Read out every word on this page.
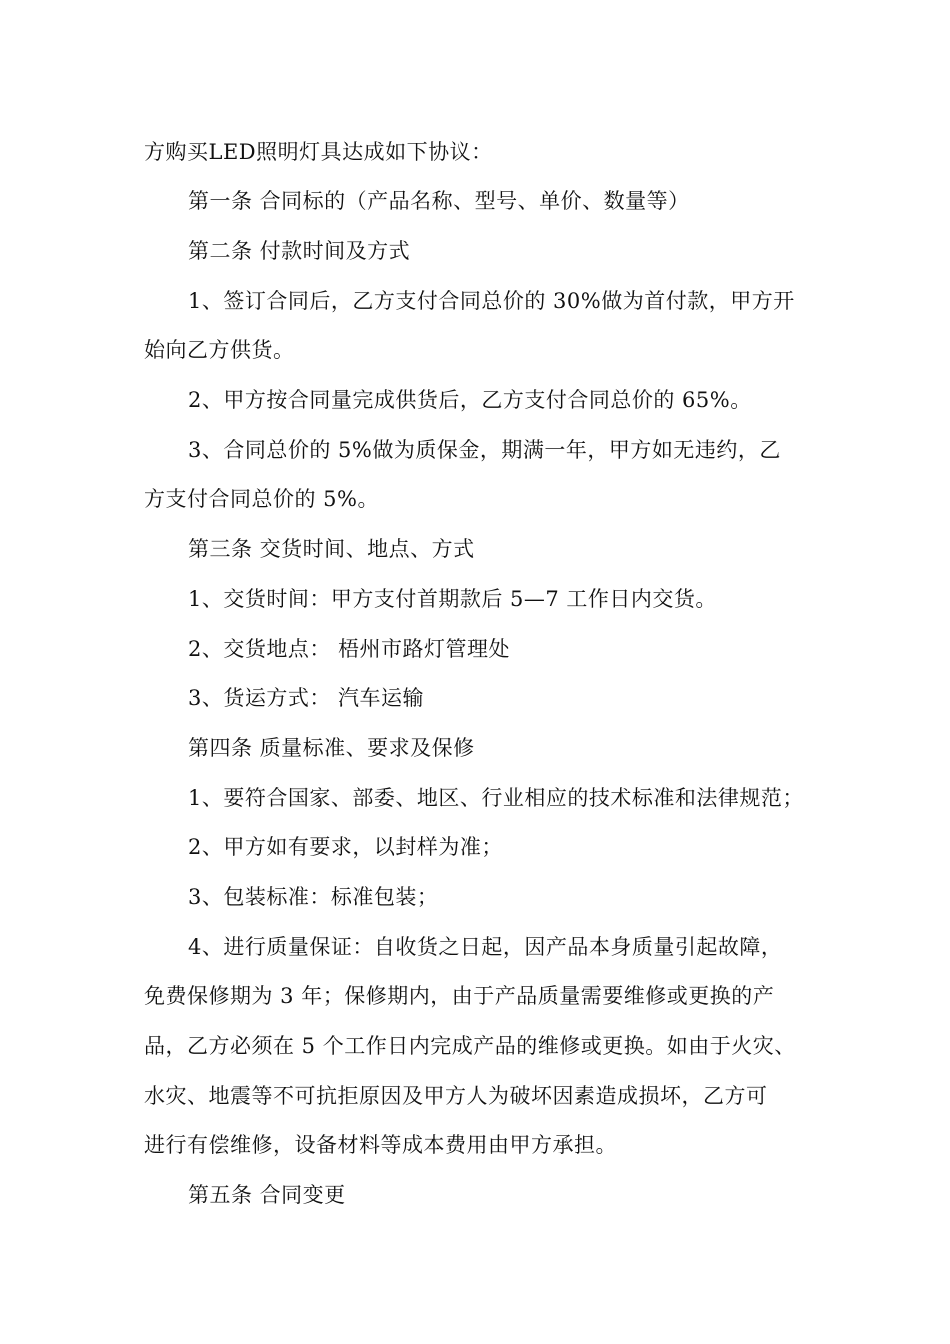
方购买LED照明灯具达成如下协议：
第一条 合同标的（产品名称、型号、单价、数量等）
第二条 付款时间及方式
1、签订合同后，乙方支付合同总价的 30%做为首付款，甲方开
始向乙方供货。
2、甲方按合同量完成供货后，乙方支付合同总价的 65%。
3、合同总价的 5%做为质保金，期满一年，甲方如无违约，乙
方支付合同总价的 5%。
第三条 交货时间、地点、方式
1、交货时间：甲方支付首期款后 5—7 工作日内交货。
2、交货地点： 梧州市路灯管理处
3、货运方式： 汽车运输
第四条 质量标准、要求及保修
1、要符合国家、部委、地区、行业相应的技术标准和法律规范；
2、甲方如有要求，以封样为准；
3、包装标准：标准包装；
4、进行质量保证：自收货之日起，因产品本身质量引起故障，
免费保修期为 3 年；保修期内，由于产品质量需要维修或更换的产
品，乙方必须在 5 个工作日内完成产品的维修或更换。如由于火灾、
水灾、地震等不可抗拒原因及甲方人为破坏因素造成损坏，乙方可
进行有偿维修，设备材料等成本费用由甲方承担。
第五条 合同变更
